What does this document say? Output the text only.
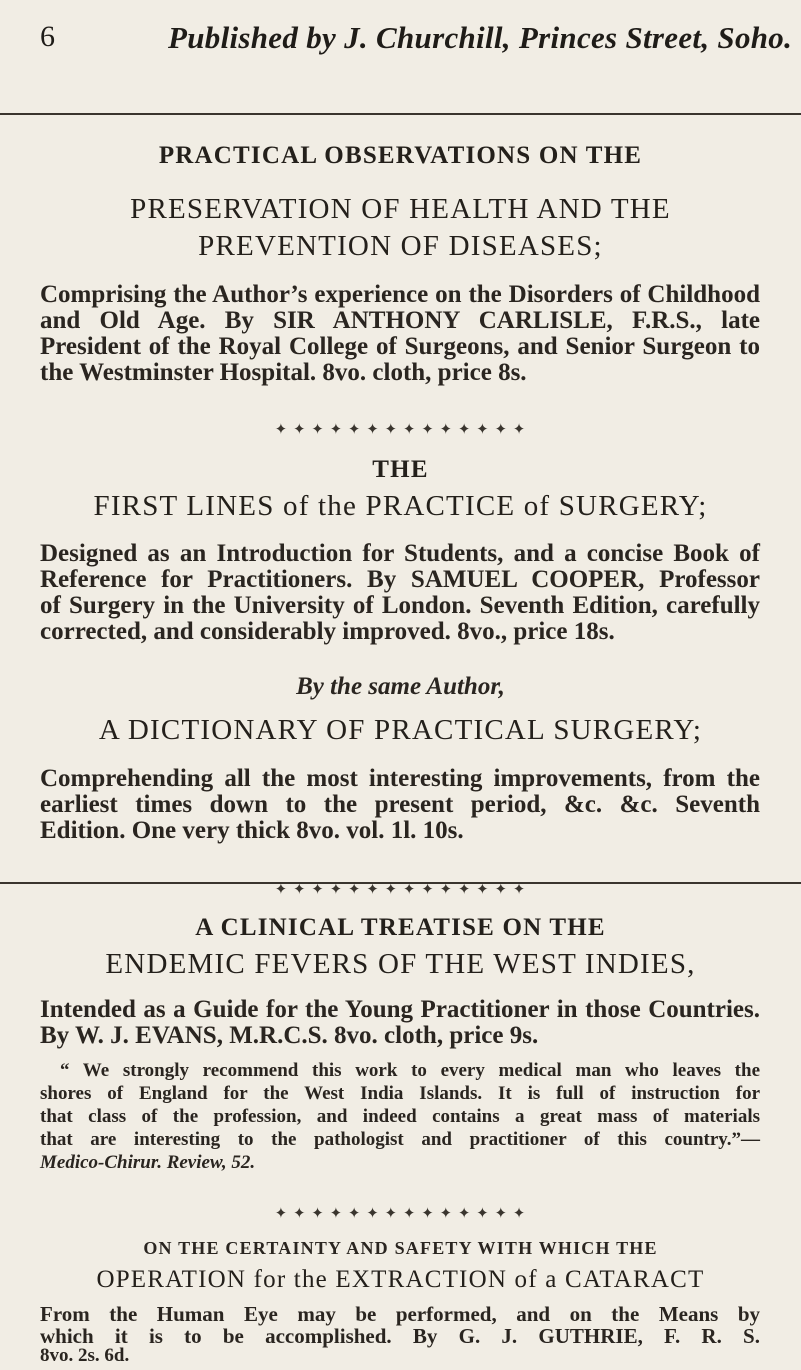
6	Published by J. Churchill, Princes Street, Soho.
PRACTICAL OBSERVATIONS ON THE
PRESERVATION OF HEALTH AND THE
PREVENTION OF DISEASES;
Comprising the Author’s experience on the Disorders of Childhood
and Old Age. By SIR ANTHONY CARLISLE, F.R.S., late
President of the Royal College of Surgeons, and Senior Surgeon to
the Westminster Hospital. 8vo. cloth, price 8s.
✦ ✦ ✦ ✦ ✦ ✦ ✦ ✦ ✦ ✦ ✦ ✦ ✦ ✦
THE
FIRST LINES of the PRACTICE of SURGERY;
Designed as an Introduction for Students, and a concise Book of
Reference for Practitioners. By SAMUEL COOPER, Professor
of Surgery in the University of London. Seventh Edition, carefully
corrected, and considerably improved. 8vo., price 18s.
By the same Author,
A DICTIONARY OF PRACTICAL SURGERY;
Comprehending all the most interesting improvements, from the
earliest times down to the present period, &c. &c. Seventh
Edition. One very thick 8vo. vol. 1l. 10s.
✦ ✦ ✦ ✦ ✦ ✦ ✦ ✦ ✦ ✦ ✦ ✦ ✦ ✦
A CLINICAL TREATISE ON THE
ENDEMIC FEVERS OF THE WEST INDIES,
Intended as a Guide for the Young Practitioner in those Countries.
By W. J. EVANS, M.R.C.S. 8vo. cloth, price 9s.
“ We strongly recommend this work to every medical man who leaves the
shores of England for the West India Islands. It is full of instruction for
that class of the profession, and indeed contains a great mass of materials
that are interesting to the pathologist and practitioner of this country.”—
Medico-Chirur. Review, 52.
✦ ✦ ✦ ✦ ✦ ✦ ✦ ✦ ✦ ✦ ✦ ✦ ✦ ✦
ON THE CERTAINTY AND SAFETY WITH WHICH THE
OPERATION for the EXTRACTION of a CATARACT
From the Human Eye may be performed, and on the Means by
which it is to be accomplished. By G. J. GUTHRIE, F. R. S.
8vo. 2s. 6d.
